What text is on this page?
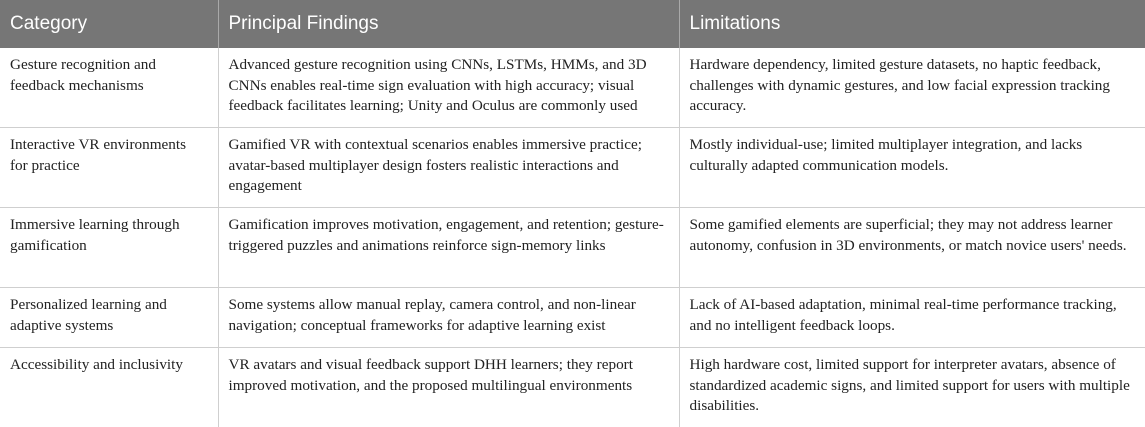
Category	Principal Findings	Limitations
Gesture recognition and feedback mechanisms	Advanced gesture recognition using CNNs, LSTMs, HMMs, and 3D CNNs enables real-time sign evaluation with high accuracy; visual feedback facilitates learning; Unity and Oculus are commonly used	Hardware dependency, limited gesture datasets, no haptic feedback, challenges with dynamic gestures, and low facial expression tracking accuracy.
Interactive VR environments for practice	Gamified VR with contextual scenarios enables immersive practice; avatar-based multiplayer design fosters realistic interactions and engagement	Mostly individual-use; limited multiplayer integration, and lacks culturally adapted communication models.
Immersive learning through gamification	Gamification improves motivation, engagement, and retention; gesture-triggered puzzles and animations reinforce sign-memory links	Some gamified elements are superficial; they may not address learner autonomy, confusion in 3D environments, or match novice users' needs.
Personalized learning and adaptive systems	Some systems allow manual replay, camera control, and non-linear navigation; conceptual frameworks for adaptive learning exist	Lack of AI-based adaptation, minimal real-time performance tracking, and no intelligent feedback loops.
Accessibility and inclusivity	VR avatars and visual feedback support DHH learners; they report improved motivation, and the proposed multilingual environments	High hardware cost, limited support for interpreter avatars, absence of standardized academic signs, and limited support for users with multiple disabilities.
